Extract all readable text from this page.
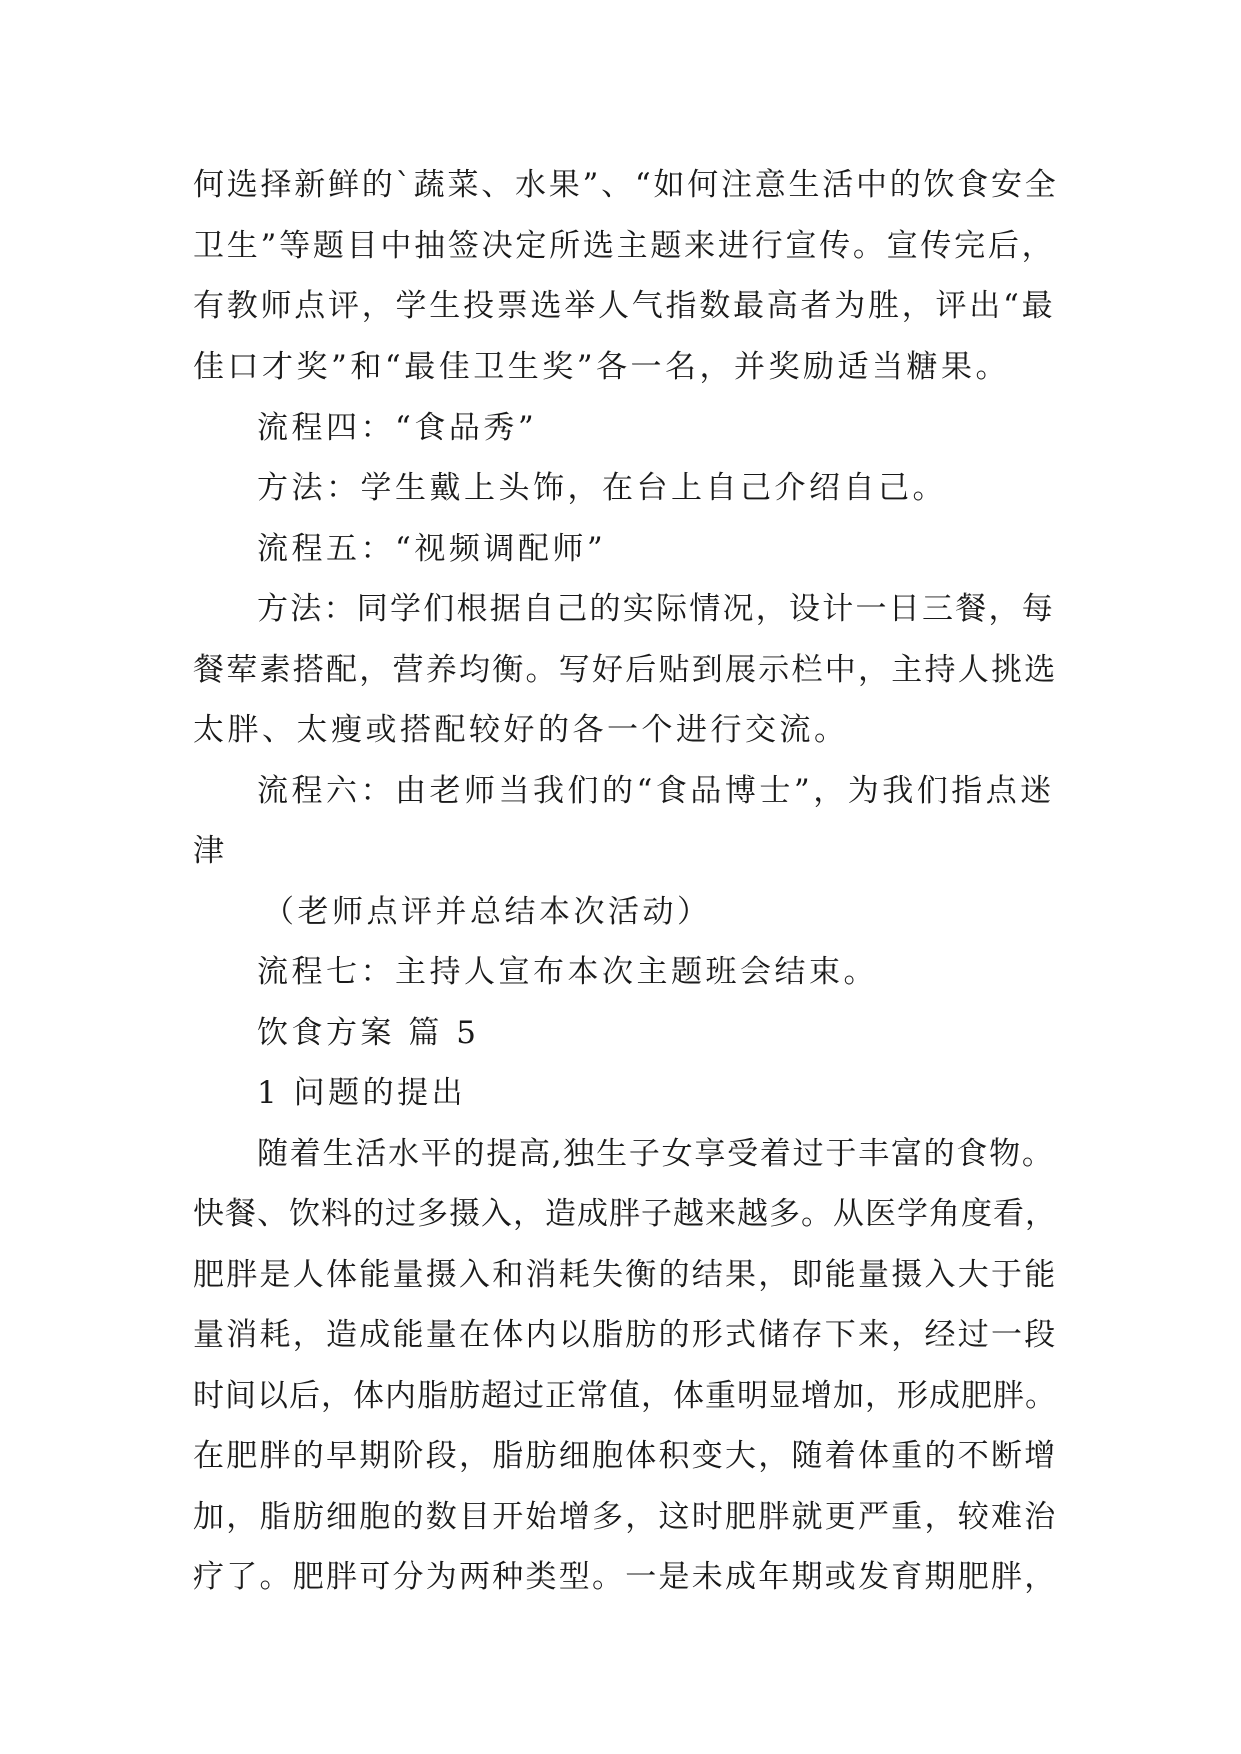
何选择新鲜的`蔬菜、水果”、“如何注意生活中的饮食安全
卫生”等题目中抽签决定所选主题来进行宣传。宣传完后，
有教师点评，学生投票选举人气指数最高者为胜，评出“最
佳口才奖”和“最佳卫生奖”各一名，并奖励适当糖果。
流程四：“食品秀”
方法：学生戴上头饰，在台上自己介绍自己。
流程五：“视频调配师”
方法：同学们根据自己的实际情况，设计一日三餐，每
餐荤素搭配，营养均衡。写好后贴到展示栏中，主持人挑选
太胖、太瘦或搭配较好的各一个进行交流。
流程六：由老师当我们的“食品博士”，为我们指点迷
津
（老师点评并总结本次活动）
流程七：主持人宣布本次主题班会结束。
饮食方案 篇 5
1 问题的提出
随着生活水平的提高,独生子女享受着过于丰富的食物。
快餐、饮料的过多摄入，造成胖子越来越多。从医学角度看，
肥胖是人体能量摄入和消耗失衡的结果，即能量摄入大于能
量消耗，造成能量在体内以脂肪的形式储存下来，经过一段
时间以后，体内脂肪超过正常值，体重明显增加，形成肥胖。
在肥胖的早期阶段，脂肪细胞体积变大，随着体重的不断增
加，脂肪细胞的数目开始增多，这时肥胖就更严重，较难治
疗了。肥胖可分为两种类型。一是未成年期或发育期肥胖，
